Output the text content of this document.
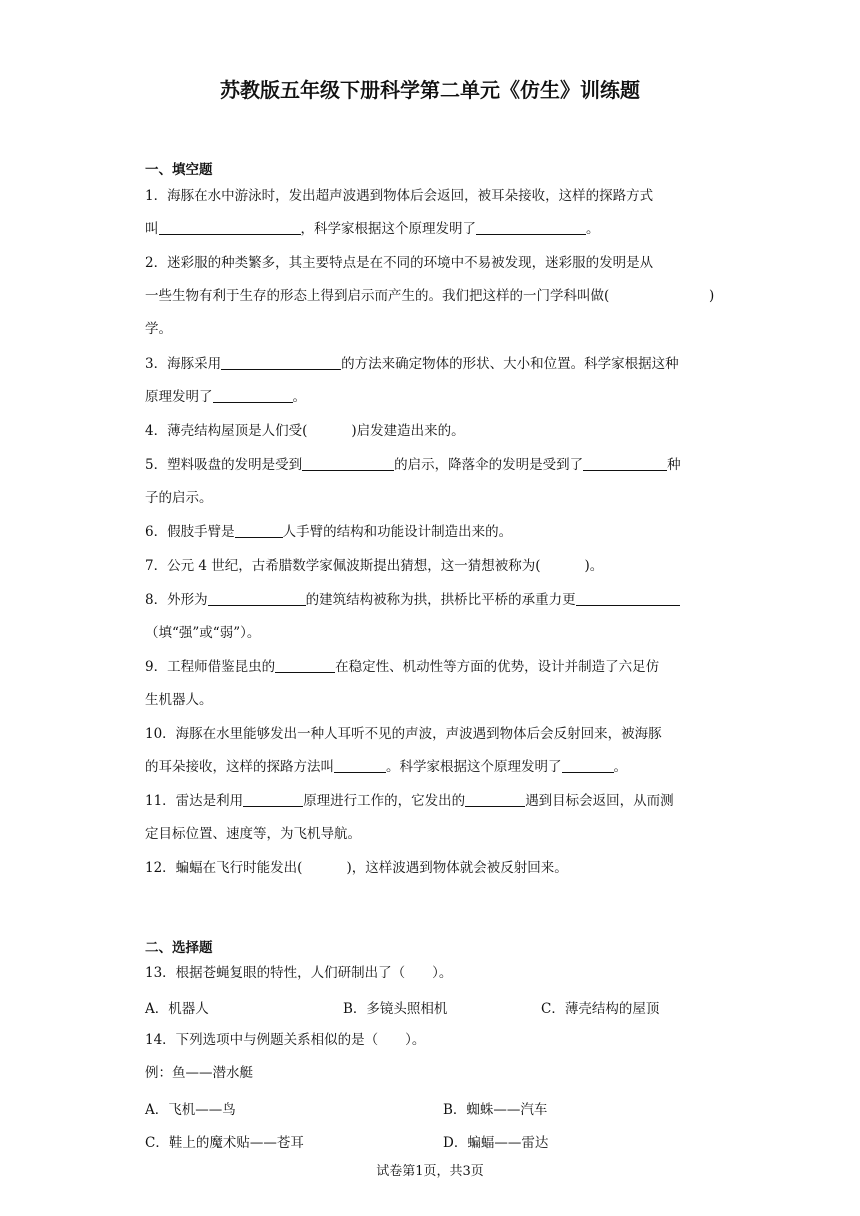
苏教版五年级下册科学第二单元《仿生》训练题
一、填空题
1．海豚在水中游泳时，发出超声波遇到物体后会返回，被耳朵接收，这样的探路方式
叫	，科学家根据这个原理发明了	。
2．迷彩服的种类繁多，其主要特点是在不同的环境中不易被发现，迷彩服的发明是从
一些生物有利于生存的形态上得到启示而产生的。我们把这样的一门学科叫做(	)
学。
3．海豚采用	的方法来确定物体的形状、大小和位置。科学家根据这种
原理发明了	。
4．薄壳结构屋顶是人们受(	)启发建造出来的。
5．塑料吸盘的发明是受到	的启示，降落伞的发明是受到了	种
子的启示。
6．假肢手臂是	人手臂的结构和功能设计制造出来的。
7．公元 4 世纪，古希腊数学家佩波斯提出猜想，这一猜想被称为(	)。
8．外形为	的建筑结构被称为拱，拱桥比平桥的承重力更
（填“强”或“弱”）。
9．工程师借鉴昆虫的	在稳定性、机动性等方面的优势，设计并制造了六足仿
生机器人。
10．海豚在水里能够发出一种人耳听不见的声波，声波遇到物体后会反射回来，被海豚
的耳朵接收，这样的探路方法叫	。科学家根据这个原理发明了	。
11．雷达是利用	原理进行工作的，它发出的	遇到目标会返回，从而测
定目标位置、速度等，为飞机导航。
12．蝙蝠在飞行时能发出(	)，这样波遇到物体就会被反射回来。
二、选择题
13．根据苍蝇复眼的特性，人们研制出了（　　）。
A．机器人	B．多镜头照相机	C．薄壳结构的屋顶
14．下列选项中与例题关系相似的是（　　）。
例：鱼——潜水艇
A．飞机——鸟	B．蜘蛛——汽车
C．鞋上的魔术贴——苍耳	D．蝙蝠——雷达
试卷第1页，共3页
